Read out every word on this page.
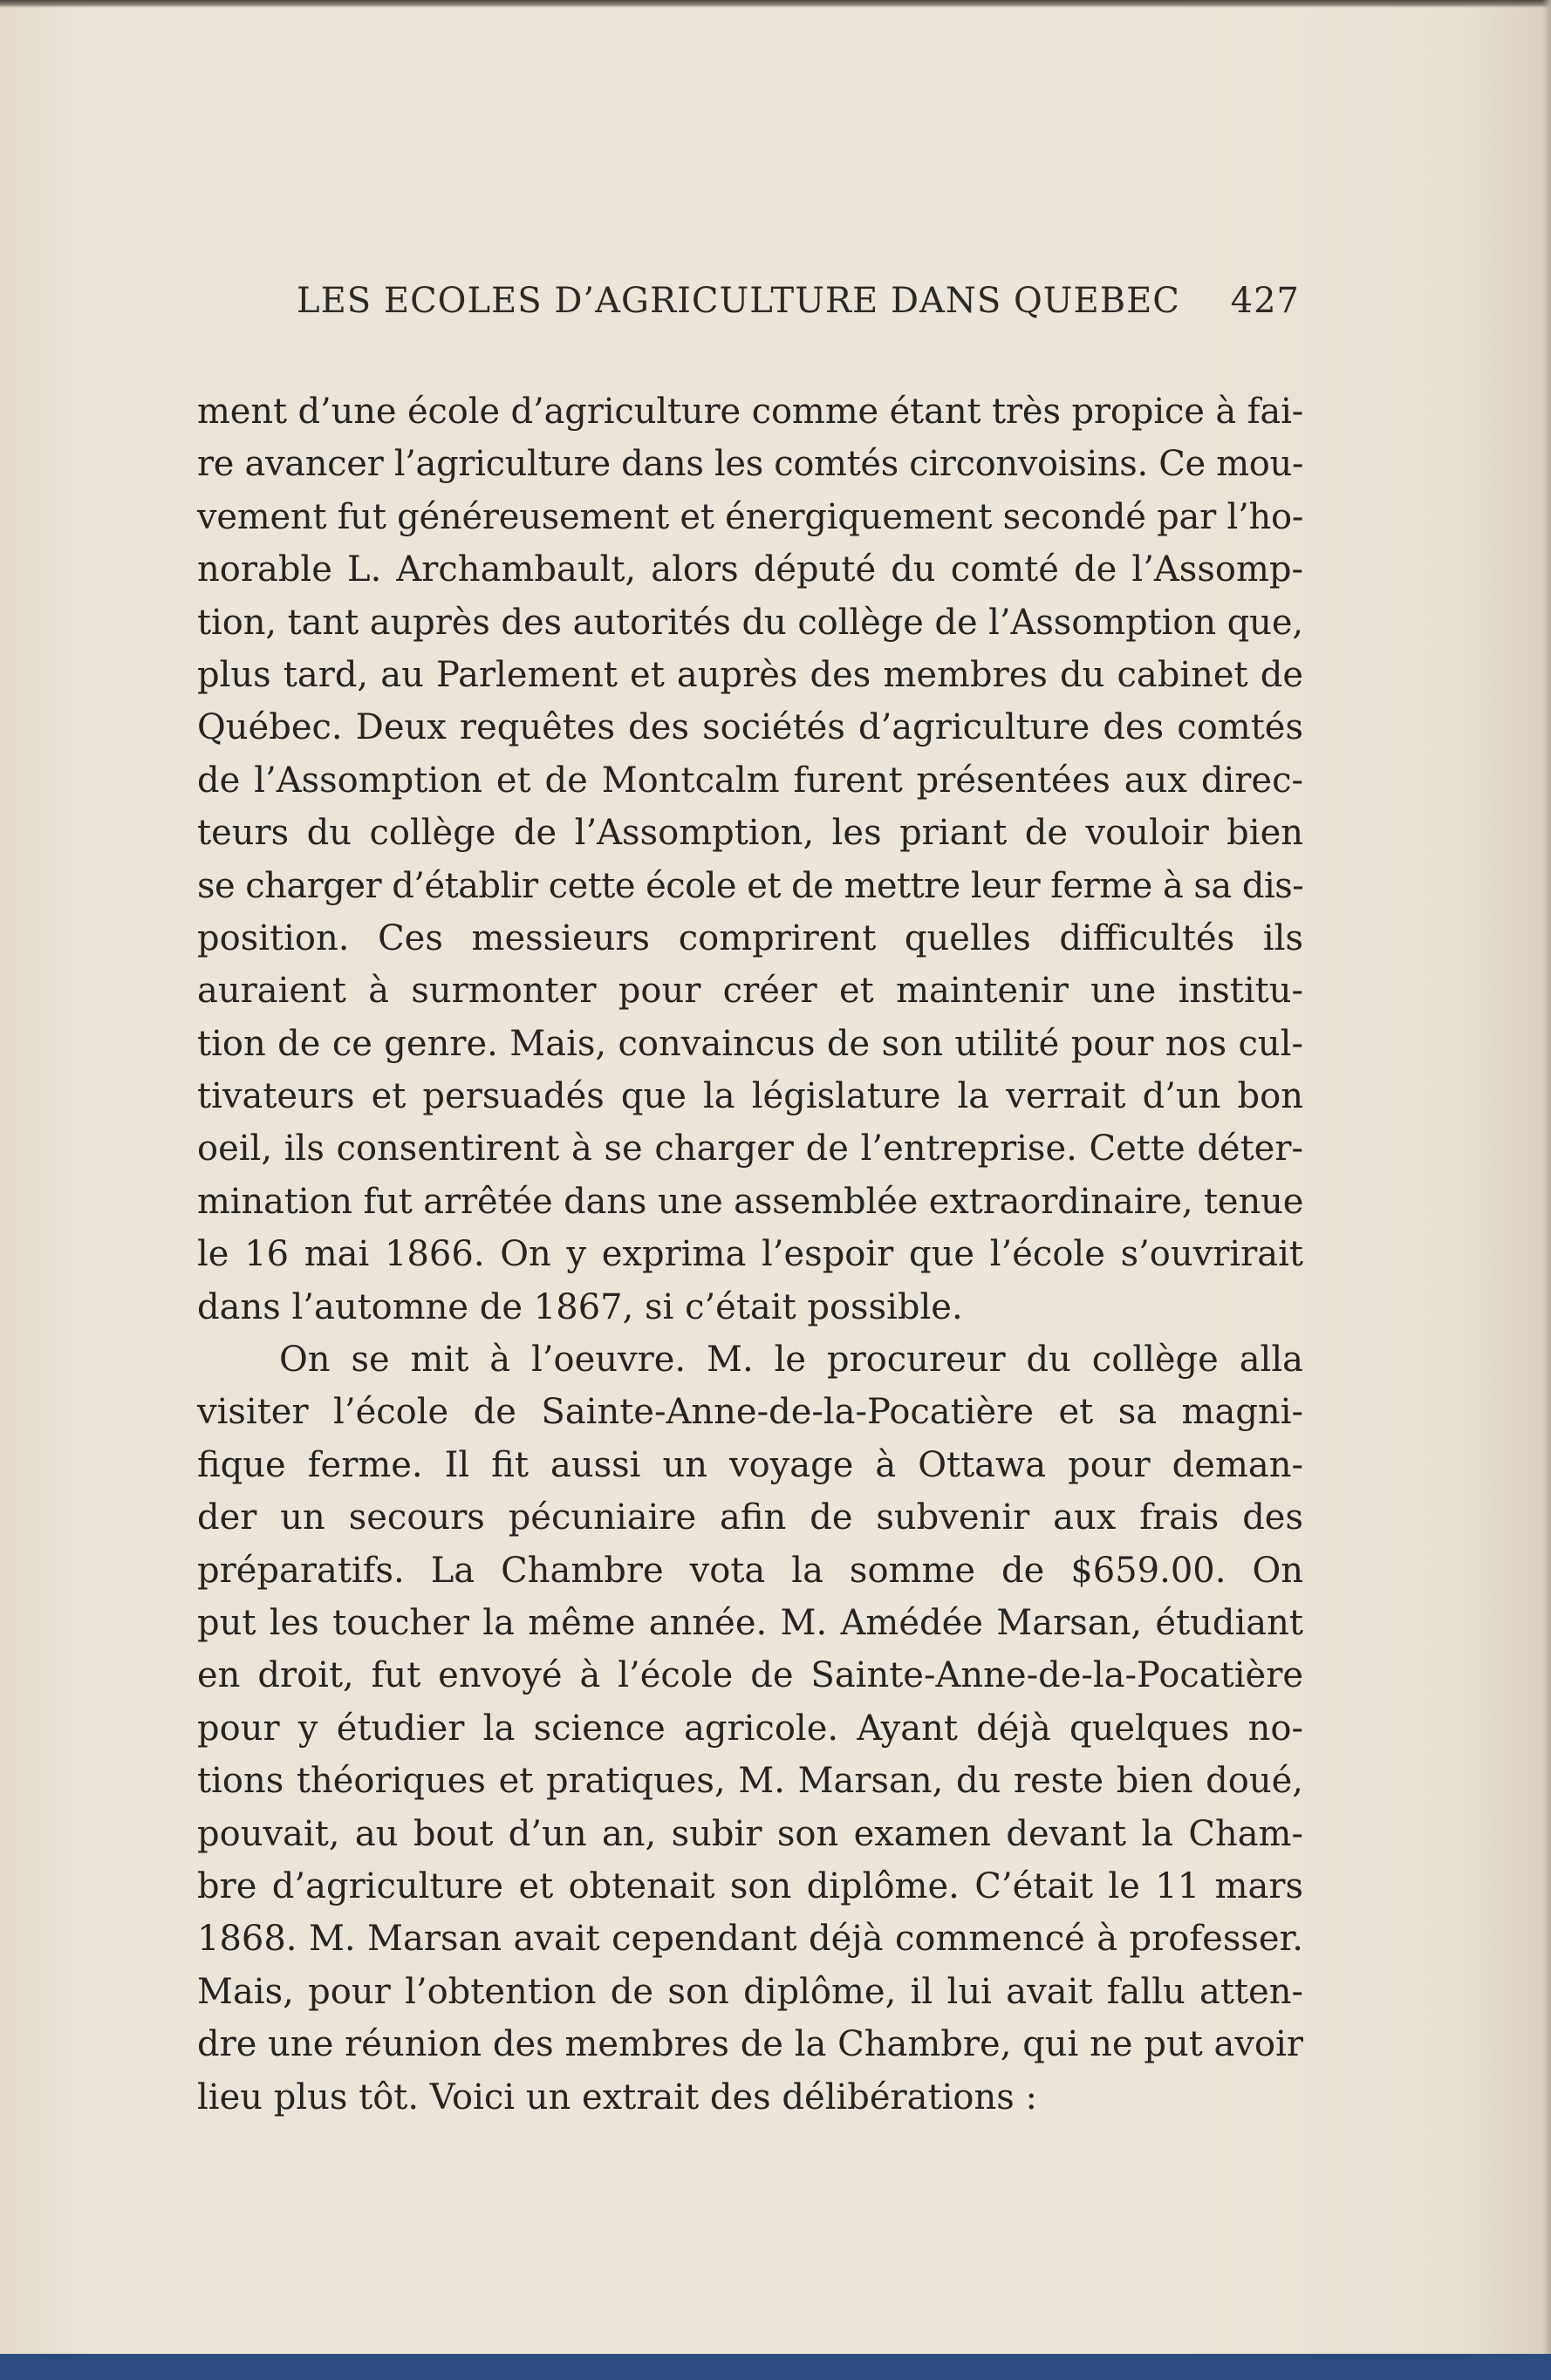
LES ECOLES D’AGRICULTURE DANS QUEBEC 427
ment d’une école d’agriculture comme étant très propice à fai-
re avancer l’agriculture dans les comtés circonvoisins. Ce mou-
vement fut généreusement et énergiquement secondé par l’ho-
norable L. Archambault, alors député du comté de l’Assomp-
tion, tant auprès des autorités du collège de l’Assomption que,
plus tard, au Parlement et auprès des membres du cabinet de
Québec. Deux requêtes des sociétés d’agriculture des comtés
de l’Assomption et de Montcalm furent présentées aux direc-
teurs du collège de l’Assomption, les priant de vouloir bien
se charger d’établir cette école et de mettre leur ferme à sa dis-
position. Ces messieurs comprirent quelles difficultés ils
auraient à surmonter pour créer et maintenir une institu-
tion de ce genre. Mais, convaincus de son utilité pour nos cul-
tivateurs et persuadés que la législature la verrait d’un bon
oeil, ils consentirent à se charger de l’entreprise. Cette déter-
mination fut arrêtée dans une assemblée extraordinaire, tenue
le 16 mai 1866. On y exprima l’espoir que l’école s’ouvrirait
dans l’automne de 1867, si c’était possible.
On se mit à l’oeuvre. M. le procureur du collège alla
visiter l’école de Sainte-Anne-de-la-Pocatière et sa magni-
fique ferme. Il fit aussi un voyage à Ottawa pour deman-
der un secours pécuniaire afin de subvenir aux frais des
préparatifs. La Chambre vota la somme de $659.00. On
put les toucher la même année. M. Amédée Marsan, étudiant
en droit, fut envoyé à l’école de Sainte-Anne-de-la-Pocatière
pour y étudier la science agricole. Ayant déjà quelques no-
tions théoriques et pratiques, M. Marsan, du reste bien doué,
pouvait, au bout d’un an, subir son examen devant la Cham-
bre d’agriculture et obtenait son diplôme. C’était le 11 mars
1868. M. Marsan avait cependant déjà commencé à professer.
Mais, pour l’obtention de son diplôme, il lui avait fallu atten-
dre une réunion des membres de la Chambre, qui ne put avoir
lieu plus tôt. Voici un extrait des délibérations :
